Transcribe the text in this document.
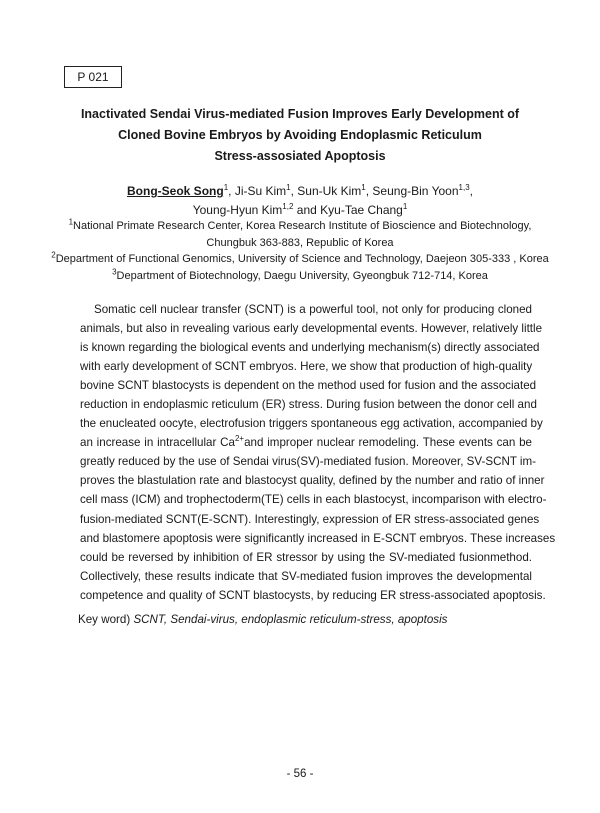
P 021
Inactivated Sendai Virus-mediated Fusion Improves Early Development of
Cloned Bovine Embryos by Avoiding Endoplasmic Reticulum
Stress-assosiated Apoptosis
Bong-Seok Song$^1$, Ji-Su Kim$^1$, Sun-Uk Kim$^1$, Seung-Bin Yoon$^{1,3}$,
Young-Hyun Kim$^{1,2}$ and Kyu-Tae Chang$^1$
$^1$National Primate Research Center, Korea Research Institute of Bioscience and Biotechnology,
Chungbuk 363-883, Republic of Korea
$^2$Department of Functional Genomics, University of Science and Technology, Daejeon 305-333 , Korea
$^3$Department of Biotechnology, Daegu University, Gyeongbuk 712-714, Korea
Somatic cell nuclear transfer (SCNT) is a powerful tool, not only for producing cloned
animals, but also in revealing various early developmental events. However, relatively little
is known regarding the biological events and underlying mechanism(s) directly associated
with early development of SCNT embryos. Here, we show that production of high-quality
bovine SCNT blastocysts is dependent on the method used for fusion and the associated
reduction in endoplasmic reticulum (ER) stress. During fusion between the donor cell and
the enucleated oocyte, electrofusion triggers spontaneous egg activation, accompanied by
an increase in intracellular $Ca^{2+}and$ improper nuclear remodeling. These events can be
greatly reduced by the use of Sendai virus(SV)-mediated fusion. Moreover, SV-SCNT im-
proves the blastulation rate and blastocyst quality, defined by the number and ratio of inner
cell mass (ICM) and trophectoderm(TE) cells in each blastocyst, incomparison with electro-
fusion-mediated SCNT(E-SCNT). Interestingly, expression of ER stress-associated genes
and blastomere apoptosis were significantly increased in E-SCNT embryos. These increases
could be reversed by inhibition of ER stressor by using the SV-mediated fusionmethod.
Collectively, these results indicate that SV-mediated fusion improves the developmental
competence and quality of SCNT blastocysts, by reducing ER stress-associated apoptosis.
Key word) SCNT, Sendai-virus, endoplasmic reticulum-stress, apoptosis
- 56 -
